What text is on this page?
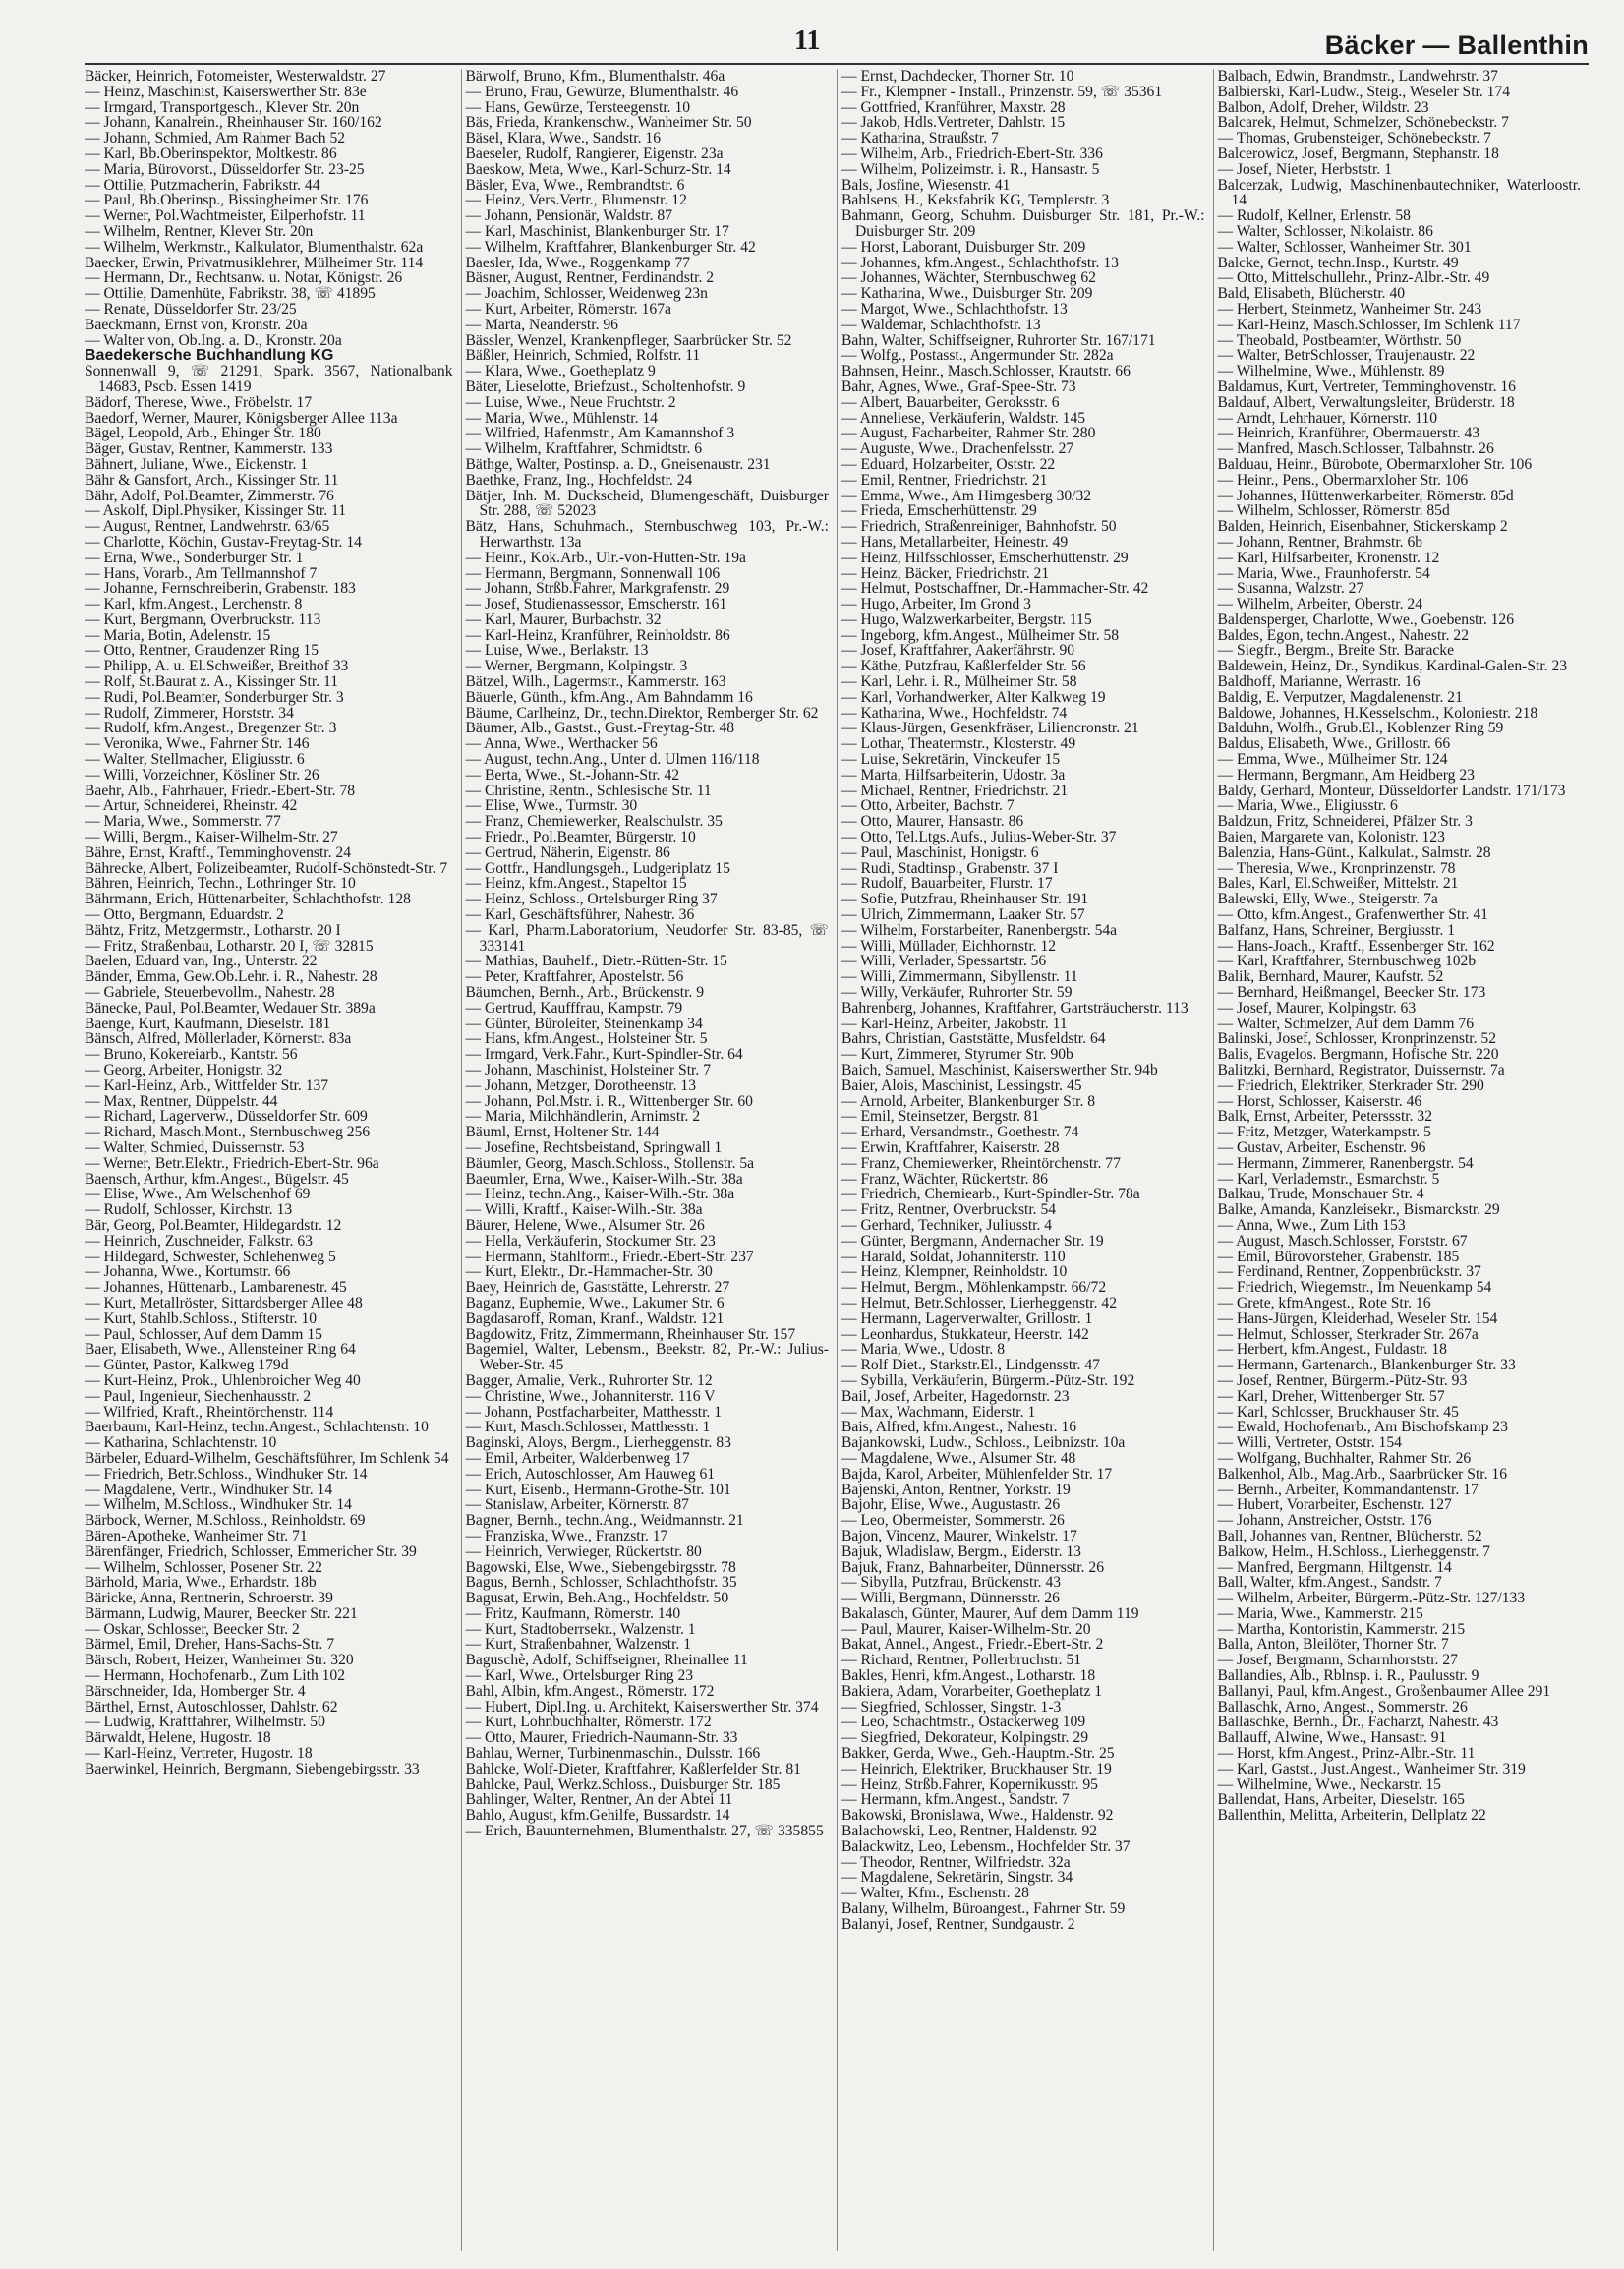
11	Bäcker — Ballenthin
Bäcker, Heinrich, Fotomeister, Westerwaldstr. 27
— Heinz, Maschinist, Kaiserswerther Str. 83e
— Irmgard, Transportgesch., Klever Str. 20n
— Johann, Kanalrein., Rheinhauser Str. 160/162
— Johann, Schmied, Am Rahmer Bach 52
— Karl, Bb.Oberinspektor, Moltkestr. 86
— Maria, Bürovorst., Düsseldorfer Str. 23-25
— Ottilie, Putzmacherin, Fabrikstr. 44
— Paul, Bb.Oberinsp., Bissingheimer Str. 176
— Werner, Pol.Wachtmeister, Eilperhofstr. 11
— Wilhelm, Rentner, Klever Str. 20n
— Wilhelm, Werkmstr., Kalkulator, Blumenthalstr. 62a
Baecker, Erwin, Privatmusiklehrer, Mülheimer Str. 114
— Hermann, Dr., Rechtsanw. u. Notar, Königstr. 26
— Ottilie, Damenhüte, Fabrikstr. 38, ☏ 41895
— Renate, Düsseldorfer Str. 23/25
Baeckmann, Ernst von, Kronstr. 20a
— Walter von, Ob.Ing. a. D., Kronstr. 20a
Baedekersche Buchhandlung KG
Sonnenwall 9, ☏ 21291, Spark. 3567, Nationalbank 14683, Pscb. Essen 1419
Bädorf, Therese, Wwe., Fröbelstr. 17
Baedorf, Werner, Maurer, Königsberger Allee 113a
Bägel, Leopold, Arb., Ehinger Str. 180
Bäger, Gustav, Rentner, Kammerstr. 133
Bähnert, Juliane, Wwe., Eickenstr. 1
Bähr & Gansfort, Arch., Kissinger Str. 11
Bähr, Adolf, Pol.Beamter, Zimmerstr. 76
— Askolf, Dipl.Physiker, Kissinger Str. 11
— August, Rentner, Landwehrstr. 63/65
— Charlotte, Köchin, Gustav-Freytag-Str. 14
— Erna, Wwe., Sonderburger Str. 1
— Hans, Vorarb., Am Tellmannshof 7
— Johanne, Fernschreiberin, Grabenstr. 183
— Karl, kfm.Angest., Lerchenstr. 8
— Kurt, Bergmann, Overbruckstr. 113
— Maria, Botin, Adelenstr. 15
— Otto, Rentner, Graudenzer Ring 15
— Philipp, A. u. El.Schweißer, Breithof 33
— Rolf, St.Baurat z. A., Kissinger Str. 11
— Rudi, Pol.Beamter, Sonderburger Str. 3
— Rudolf, Zimmerer, Horststr. 34
— Rudolf, kfm.Angest., Bregenzer Str. 3
— Veronika, Wwe., Fahrner Str. 146
— Walter, Stellmacher, Eligiusstr. 6
— Willi, Vorzeichner, Kösliner Str. 26
Baehr, Alb., Fahrhauer, Friedr.-Ebert-Str. 78
— Artur, Schneiderei, Rheinstr. 42
— Maria, Wwe., Sommerstr. 77
— Willi, Bergm., Kaiser-Wilhelm-Str. 27
Bähre, Ernst, Kraftf., Temminghovenstr. 24
Bährecke, Albert, Polizeibeamter, Rudolf-Schönstedt-Str. 7
Bähren, Heinrich, Techn., Lothringer Str. 10
Bährmann, Erich, Hüttenarbeiter, Schlachthofstr. 128
— Otto, Bergmann, Eduardstr. 2
Bähtz, Fritz, Metzgermstr., Lotharstr. 20 I
— Fritz, Straßenbau, Lotharstr. 20 I, ☏ 32815
Baelen, Eduard van, Ing., Unterstr. 22
Bänder, Emma, Gew.Ob.Lehr. i. R., Nahestr. 28
— Gabriele, Steuerbevollm., Nahestr. 28
Bänecke, Paul, Pol.Beamter, Wedauer Str. 389a
Baenge, Kurt, Kaufmann, Dieselstr. 181
Bänsch, Alfred, Möllerlader, Körnerstr. 83a
— Bruno, Kokereiarb., Kantstr. 56
— Georg, Arbeiter, Honigstr. 32
— Karl-Heinz, Arb., Wittfelder Str. 137
— Max, Rentner, Düppelstr. 44
— Richard, Lagerverw., Düsseldorfer Str. 609
— Richard, Masch.Mont., Sternbuschweg 256
— Walter, Schmied, Duissernstr. 53
— Werner, Betr.Elektr., Friedrich-Ebert-Str. 96a
Baensch, Arthur, kfm.Angest., Bügelstr. 45
— Elise, Wwe., Am Welschenhof 69
— Rudolf, Schlosser, Kirchstr. 13
Bär, Georg, Pol.Beamter, Hildegardstr. 12
— Heinrich, Zuschneider, Falkstr. 63
— Hildegard, Schwester, Schlehenweg 5
— Johanna, Wwe., Kortumstr. 66
— Johannes, Hüttenarb., Lambarenestr. 45
— Kurt, Metallröster, Sittardsberger Allee 48
— Kurt, Stahlb.Schloss., Stifterstr. 10
— Paul, Schlosser, Auf dem Damm 15
Baer, Elisabeth, Wwe., Allensteiner Ring 64
— Günter, Pastor, Kalkweg 179d
— Kurt-Heinz, Prok., Uhlenbroicher Weg 40
— Paul, Ingenieur, Siechenhausstr. 2
— Wilfried, Kraft., Rheintörchenstr. 114
Baerbaum, Karl-Heinz, techn.Angest., Schlachtenstr. 10
— Katharina, Schlachtenstr. 10
Bärbeler, Eduard-Wilhelm, Geschäftsführer, Im Schlenk 54
— Friedrich, Betr.Schloss., Windhuker Str. 14
— Magdalene, Vertr., Windhuker Str. 14
— Wilhelm, M.Schloss., Windhuker Str. 14
Bärbock, Werner, M.Schloss., Reinholdstr. 69
Bären-Apotheke, Wanheimer Str. 71
Bärenfänger, Friedrich, Schlosser, Emmericher Str. 39
— Wilhelm, Schlosser, Posener Str. 22
Bärhold, Maria, Wwe., Erhardstr. 18b
Bäricke, Anna, Rentnerin, Schroerstr. 39
Bärmann, Ludwig, Maurer, Beecker Str. 221
— Oskar, Schlosser, Beecker Str. 2
Bärmel, Emil, Dreher, Hans-Sachs-Str. 7
Bärsch, Robert, Heizer, Wanheimer Str. 320
— Hermann, Hochofenarb., Zum Lith 102
Bärschneider, Ida, Homberger Str. 4
Bärthel, Ernst, Autoschlosser, Dahlstr. 62
— Ludwig, Kraftfahrer, Wilhelmstr. 50
Bärwaldt, Helene, Hugostr. 18
— Karl-Heinz, Vertreter, Hugostr. 18
Baerwinkel, Heinrich, Bergmann, Siebengebirgsstr. 33
Bärwolf, Bruno, Kfm., Blumenthalstr. 46a
— Bruno, Frau, Gewürze, Blumenthalstr. 46
— Hans, Gewürze, Tersteegenstr. 10
Bäs, Frieda, Krankenschw., Wanheimer Str. 50
Bäsel, Klara, Wwe., Sandstr. 16
Baeseler, Rudolf, Rangierer, Eigenstr. 23a
Baeskow, Meta, Wwe., Karl-Schurz-Str. 14
Bäsler, Eva, Wwe., Rembrandtstr. 6
— Heinz, Vers.Vertr., Blumenstr. 12
— Johann, Pensionär, Waldstr. 87
— Karl, Maschinist, Blankenburger Str. 17
— Wilhelm, Kraftfahrer, Blankenburger Str. 42
Baesler, Ida, Wwe., Roggenkamp 77
Bäsner, August, Rentner, Ferdinandstr. 2
— Joachim, Schlosser, Weidenweg 23n
— Kurt, Arbeiter, Römerstr. 167a
— Marta, Neanderstr. 96
Bässler, Wenzel, Krankenpfleger, Saarbrücker Str. 52
Bäßler, Heinrich, Schmied, Rolfstr. 11
— Klara, Wwe., Goetheplatz 9
Bäter, Lieselotte, Briefzust., Scholtenhofstr. 9
— Luise, Wwe., Neue Fruchtstr. 2
— Maria, Wwe., Mühlenstr. 14
— Wilfried, Hafenmstr., Am Kamannshof 3
— Wilhelm, Kraftfahrer, Schmidtstr. 6
Bäthge, Walter, Postinsp. a. D., Gneisenaustr. 231
Baethke, Franz, Ing., Hochfeldstr. 24
Bätjer, Inh. M. Duckscheid, Blumengeschäft, Duisburger Str. 288, ☏ 52023
Bätz, Hans, Schuhmach., Sternbuschweg 103, Pr.-W.: Herwarthstr. 13a
— Heinr., Kok.Arb., Ulr.-von-Hutten-Str. 19a
— Hermann, Bergmann, Sonnenwall 106
— Johann, Strßb.Fahrer, Markgrafenstr. 29
— Josef, Studienassessor, Emscherstr. 161
— Karl, Maurer, Burbachstr. 32
— Karl-Heinz, Kranführer, Reinholdstr. 86
— Luise, Wwe., Berlakstr. 13
— Werner, Bergmann, Kolpingstr. 3
Bätzel, Wilh., Lagermstr., Kammerstr. 163
Bäuerle, Günth., kfm.Ang., Am Bahndamm 16
Bäume, Carlheinz, Dr., techn.Direktor, Remberger Str. 62
Bäumer, Alb., Gastst., Gust.-Freytag-Str. 48
— Anna, Wwe., Werthacker 56
— August, techn.Ang., Unter d. Ulmen 116/118
— Berta, Wwe., St.-Johann-Str. 42
— Christine, Rentn., Schlesische Str. 11
— Elise, Wwe., Turmstr. 30
— Franz, Chemiewerker, Realschulstr. 35
— Friedr., Pol.Beamter, Bürgerstr. 10
— Gertrud, Näherin, Eigenstr. 86
— Gottfr., Handlungsgeh., Ludgeriplatz 15
— Heinz, kfm.Angest., Stapeltor 15
— Heinz, Schloss., Ortelsburger Ring 37
— Karl, Geschäftsführer, Nahestr. 36
— Karl, Pharm.Laboratorium, Neudorfer Str. 83-85, ☏ 333141
— Mathias, Bauhelf., Dietr.-Rütten-Str. 15
— Peter, Kraftfahrer, Apostelstr. 56
Bäumchen, Bernh., Arb., Brückenstr. 9
— Gertrud, Kaufffrau, Kampstr. 79
— Günter, Büroleiter, Steinenkamp 34
— Hans, kfm.Angest., Holsteiner Str. 5
— Irmgard, Verk.Fahr., Kurt-Spindler-Str. 64
— Johann, Maschinist, Holsteiner Str. 7
— Johann, Metzger, Dorotheenstr. 13
— Johann, Pol.Mstr. i. R., Wittenberger Str. 60
— Maria, Milchhändlerin, Arnimstr. 2
Bäuml, Ernst, Holtener Str. 144
— Josefine, Rechtsbeistand, Springwall 1
Bäumler, Georg, Masch.Schloss., Stollenstr. 5a
Baeumler, Erna, Wwe., Kaiser-Wilh.-Str. 38a
— Heinz, techn.Ang., Kaiser-Wilh.-Str. 38a
— Willi, Kraftf., Kaiser-Wilh.-Str. 38a
Bäurer, Helene, Wwe., Alsumer Str. 26
— Hella, Verkäuferin, Stockumer Str. 23
— Hermann, Stahlform., Friedr.-Ebert-Str. 237
— Kurt, Elektr., Dr.-Hammacher-Str. 30
Baey, Heinrich de, Gaststätte, Lehrerstr. 27
Baganz, Euphemie, Wwe., Lakumer Str. 6
Bagdasaroff, Roman, Kranf., Waldstr. 121
Bagdowitz, Fritz, Zimmermann, Rheinhauser Str. 157
Bagemiel, Walter, Lebensm., Beekstr. 82, Pr.-W.: Julius-Weber-Str. 45
Bagger, Amalie, Verk., Ruhrorter Str. 12
— Christine, Wwe., Johanniterstr. 116 V
— Johann, Postfacharbeiter, Matthesstr. 1
— Kurt, Masch.Schlosser, Matthesstr. 1
Baginski, Aloys, Bergm., Lierheggenstr. 83
— Emil, Arbeiter, Walderbenweg 17
— Erich, Autoschlosser, Am Hauweg 61
— Kurt, Eisenb., Hermann-Grothe-Str. 101
— Stanislaw, Arbeiter, Körnerstr. 87
Bagner, Bernh., techn.Ang., Weidmannstr. 21
— Franziska, Wwe., Franzstr. 17
— Heinrich, Verwieger, Rückertstr. 80
Bagowski, Else, Wwe., Siebengebirgsstr. 78
Bagus, Bernh., Schlosser, Schlachthofstr. 35
Bagusat, Erwin, Beh.Ang., Hochfeldstr. 50
— Fritz, Kaufmann, Römerstr. 140
— Kurt, Stadtoberrsekr., Walzenstr. 1
— Kurt, Straßenbahner, Walzenstr. 1
Baguschè, Adolf, Schiffseigner, Rheinallee 11
— Karl, Wwe., Ortelsburger Ring 23
Bahl, Albin, kfm.Angest., Römerstr. 172
— Hubert, Dipl.Ing. u. Architekt, Kaiserswerther Str. 374
— Kurt, Lohnbuchhalter, Römerstr. 172
— Otto, Maurer, Friedrich-Naumann-Str. 33
Bahlau, Werner, Turbinenmaschin., Dulsstr. 166
Bahlcke, Wolf-Dieter, Kraftfahrer, Kaßlerfelder Str. 81
Bahlcke, Paul, Werkz.Schloss., Duisburger Str. 185
Bahlinger, Walter, Rentner, An der Abtei 11
Bahlo, August, kfm.Gehilfe, Bussardstr. 14
— Erich, Bauunternehmen, Blumenthalstr. 27, ☏ 335855
— Ernst, Dachdecker, Thorner Str. 10
— Fr., Klempner - Install., Prinzenstr. 59, ☏ 35361
— Gottfried, Kranführer, Maxstr. 28
— Jakob, Hdls.Vertreter, Dahlstr. 15
— Katharina, Straußstr. 7
— Wilhelm, Arb., Friedrich-Ebert-Str. 336
— Wilhelm, Polizeimstr. i. R., Hansastr. 5
Bals, Josfine, Wiesenstr. 41
Bahlsens, H., Keksfabrik KG, Templerstr. 3
Bahmann, Georg, Schuhm. Duisburger Str. 181, Pr.-W.: Duisburger Str. 209
— Horst, Laborant, Duisburger Str. 209
— Johannes, kfm.Angest., Schlachthofstr. 13
— Johannes, Wächter, Sternbuschweg 62
— Katharina, Wwe., Duisburger Str. 209
— Margot, Wwe., Schlachthofstr. 13
— Waldemar, Schlachthofstr. 13
Bahn, Walter, Schiffseigner, Ruhrorter Str. 167/171
— Wolfg., Postasst., Angermunder Str. 282a
Bahnsen, Heinr., Masch.Schlosser, Krautstr. 66
Bahr, Agnes, Wwe., Graf-Spee-Str. 73
— Albert, Bauarbeiter, Geroksstr. 6
— Anneliese, Verkäuferin, Waldstr. 145
— August, Facharbeiter, Rahmer Str. 280
— Auguste, Wwe., Drachenfelsstr. 27
— Eduard, Holzarbeiter, Oststr. 22
— Emil, Rentner, Friedrichstr. 21
— Emma, Wwe., Am Himgesberg 30/32
— Frieda, Emscherhüttenstr. 29
— Friedrich, Straßenreiniger, Bahnhofstr. 50
— Hans, Metallarbeiter, Heinestr. 49
— Heinz, Hilfsschlosser, Emscherhüttenstr. 29
— Heinz, Bäcker, Friedrichstr. 21
— Helmut, Postschaffner, Dr.-Hammacher-Str. 42
— Hugo, Arbeiter, Im Grond 3
— Hugo, Walzwerkarbeiter, Bergstr. 115
— Ingeborg, kfm.Angest., Mülheimer Str. 58
— Josef, Kraftfahrer, Aakerfährstr. 90
— Käthe, Putzfrau, Kaßlerfelder Str. 56
— Karl, Lehr. i. R., Mülheimer Str. 58
— Karl, Vorhandwerker, Alter Kalkweg 19
— Katharina, Wwe., Hochfeldstr. 74
— Klaus-Jürgen, Gesenkfräser, Liliencronstr. 21
— Lothar, Theatermstr., Klosterstr. 49
— Luise, Sekretärin, Vinckeufer 15
— Marta, Hilfsarbeiterin, Udostr. 3a
— Michael, Rentner, Friedrichstr. 21
— Otto, Arbeiter, Bachstr. 7
— Otto, Maurer, Hansastr. 86
— Otto, Tel.Ltgs.Aufs., Julius-Weber-Str. 37
— Paul, Maschinist, Honigstr. 6
— Rudi, Stadtinsp., Grabenstr. 37 I
— Rudolf, Bauarbeiter, Flurstr. 17
— Sofie, Putzfrau, Rheinhauser Str. 191
— Ulrich, Zimmermann, Laaker Str. 57
— Wilhelm, Forstarbeiter, Ranenbergstr. 54a
— Willi, Müllader, Eichhornstr. 12
— Willi, Verlader, Spessartstr. 56
— Willi, Zimmermann, Sibyllenstr. 11
— Willy, Verkäufer, Ruhrorter Str. 59
Bahrenberg, Johannes, Kraftfahrer, Gartsträucherstr. 113
— Karl-Heinz, Arbeiter, Jakobstr. 11
Bahrs, Christian, Gaststätte, Musfeldstr. 64
— Kurt, Zimmerer, Styrumer Str. 90b
Baich, Samuel, Maschinist, Kaiserswerther Str. 94b
Baier, Alois, Maschinist, Lessingstr. 45
— Arnold, Arbeiter, Blankenburger Str. 8
— Emil, Steinsetzer, Bergstr. 81
— Erhard, Versandmstr., Goethestr. 74
— Erwin, Kraftfahrer, Kaiserstr. 28
— Franz, Chemiewerker, Rheintörchenstr. 77
— Franz, Wächter, Rückertstr. 86
— Friedrich, Chemiearb., Kurt-Spindler-Str. 78a
— Fritz, Rentner, Overbruckstr. 54
— Gerhard, Techniker, Juliusstr. 4
— Günter, Bergmann, Andernacher Str. 19
— Harald, Soldat, Johanniterstr. 110
— Heinz, Klempner, Reinholdstr. 10
— Helmut, Bergm., Möhlenkampstr. 66/72
— Helmut, Betr.Schlosser, Lierheggenstr. 42
— Hermann, Lagerverwalter, Grillostr. 1
— Leonhardus, Stukkateur, Heerstr. 142
— Maria, Wwe., Udostr. 8
— Rolf Diet., Starkstr.El., Lindgensstr. 47
— Sybilla, Verkäuferin, Bürgerm.-Pütz-Str. 192
Bail, Josef, Arbeiter, Hagedornstr. 23
— Max, Wachmann, Eiderstr. 1
Bais, Alfred, kfm.Angest., Nahestr. 16
Bajankowski, Ludw., Schloss., Leibnizstr. 10a
— Magdalene, Wwe., Alsumer Str. 48
Bajda, Karol, Arbeiter, Mühlenfelder Str. 17
Bajenski, Anton, Rentner, Yorkstr. 19
Bajohr, Elise, Wwe., Augustastr. 26
— Leo, Obermeister, Sommerstr. 26
Bajon, Vincenz, Maurer, Winkelstr. 17
Bajuk, Wladislaw, Bergm., Eiderstr. 13
Bajuk, Franz, Bahnarbeiter, Dünnersstr. 26
— Sibylla, Putzfrau, Brückenstr. 43
— Willi, Bergmann, Dünnersstr. 26
Bakalasch, Günter, Maurer, Auf dem Damm 119
— Paul, Maurer, Kaiser-Wilhelm-Str. 20
Bakat, Annel., Angest., Friedr.-Ebert-Str. 2
— Richard, Rentner, Pollerbruchstr. 51
Bakles, Henri, kfm.Angest., Lotharstr. 18
Bakiera, Adam, Vorarbeiter, Goetheplatz 1
— Siegfried, Schlosser, Singstr. 1-3
— Leo, Schachtmstr., Ostackerweg 109
— Siegfried, Dekorateur, Kolpingstr. 29
Bakker, Gerda, Wwe., Geh.-Hauptm.-Str. 25
— Heinrich, Elektriker, Bruckhauser Str. 19
— Heinz, Strßb.Fahrer, Kopernikusstr. 95
— Hermann, kfm.Angest., Sandstr. 7
Bakowski, Bronislawa, Wwe., Haldenstr. 92
Balachowski, Leo, Rentner, Haldenstr. 92
Balackwitz, Leo, Lebensm., Hochfelder Str. 37
— Theodor, Rentner, Wilfriedstr. 32a
— Magdalene, Sekretärin, Singstr. 34
— Walter, Kfm., Eschenstr. 28
Balany, Wilhelm, Büroangest., Fahrner Str. 59
Balanyi, Josef, Rentner, Sundgaustr. 2
Balbach, Edwin, Brandmstr., Landwehrstr. 37
Balbierski, Karl-Ludw., Steig., Weseler Str. 174
Balbon, Adolf, Dreher, Wildstr. 23
Balcarek, Helmut, Schmelzer, Schönebeckstr. 7
— Thomas, Grubensteiger, Schönebeckstr. 7
Balcerowicz, Josef, Bergmann, Stephanstr. 18
— Josef, Nieter, Herbststr. 1
Balcerzak, Ludwig, Maschinenbautechniker, Waterloostr. 14
— Rudolf, Kellner, Erlenstr. 58
— Walter, Schlosser, Nikolaistr. 86
— Walter, Schlosser, Wanheimer Str. 301
Balcke, Gernot, techn.Insp., Kurtstr. 49
— Otto, Mittelschullehr., Prinz-Albr.-Str. 49
Bald, Elisabeth, Blücherstr. 40
— Herbert, Steinmetz, Wanheimer Str. 243
— Karl-Heinz, Masch.Schlosser, Im Schlenk 117
— Theobald, Postbeamter, Wörthstr. 50
— Walter, BetrSchlosser, Traujenaustr. 22
— Wilhelmine, Wwe., Mühlenstr. 89
Baldamus, Kurt, Vertreter, Temminghovenstr. 16
Baldauf, Albert, Verwaltungsleiter, Brüderstr. 18
— Arndt, Lehrhauer, Körnerstr. 110
— Heinrich, Kranführer, Obermauerstr. 43
— Manfred, Masch.Schlosser, Talbahnstr. 26
Balduau, Heinr., Bürobote, Obermarxloher Str. 106
— Heinr., Pens., Obermarxloher Str. 106
— Johannes, Hüttenwerkarbeiter, Römerstr. 85d
— Wilhelm, Schlosser, Römerstr. 85d
Balden, Heinrich, Eisenbahner, Stickerskamp 2
— Johann, Rentner, Brahmstr. 6b
— Karl, Hilfsarbeiter, Kronenstr. 12
— Maria, Wwe., Fraunhoferstr. 54
— Susanna, Walzstr. 27
— Wilhelm, Arbeiter, Oberstr. 24
Baldensperger, Charlotte, Wwe., Goebenstr. 126
Baldes, Egon, techn.Angest., Nahestr. 22
— Siegfr., Bergm., Breite Str. Baracke
Baldewein, Heinz, Dr., Syndikus, Kardinal-Galen-Str. 23
Baldhoff, Marianne, Werrastr. 16
Baldig, E. Verputzer, Magdalenenstr. 21
Baldowe, Johannes, H.Kesselschm., Koloniestr. 218
Balduhn, Wolfh., Grub.El., Koblenzer Ring 59
Baldus, Elisabeth, Wwe., Grillostr. 66
— Emma, Wwe., Mülheimer Str. 124
— Hermann, Bergmann, Am Heidberg 23
Baldy, Gerhard, Monteur, Düsseldorfer Landstr. 171/173
— Maria, Wwe., Eligiusstr. 6
Baldzun, Fritz, Schneiderei, Pfälzer Str. 3
Baien, Margarete van, Kolonistr. 123
Balenzia, Hans-Günt., Kalkulat., Salmstr. 28
— Theresia, Wwe., Kronprinzenstr. 78
Bales, Karl, El.Schweißer, Mittelstr. 21
Balewski, Elly, Wwe., Steigerstr. 7a
— Otto, kfm.Angest., Grafenwerther Str. 41
Balfanz, Hans, Schreiner, Bergiusstr. 1
— Hans-Joach., Kraftf., Essenberger Str. 162
— Karl, Kraftfahrer, Sternbuschweg 102b
Balik, Bernhard, Maurer, Kaufstr. 52
— Bernhard, Heißmangel, Beecker Str. 173
— Josef, Maurer, Kolpingstr. 63
— Walter, Schmelzer, Auf dem Damm 76
Balinski, Josef, Schlosser, Kronprinzenstr. 52
Balis, Evagelos. Bergmann, Hofische Str. 220
Balitzki, Bernhard, Registrator, Duissernstr. 7a
— Friedrich, Elektriker, Sterkrader Str. 290
— Horst, Schlosser, Kaiserstr. 46
Balk, Ernst, Arbeiter, Peterssstr. 32
— Fritz, Metzger, Waterkampstr. 5
— Gustav, Arbeiter, Eschenstr. 96
— Hermann, Zimmerer, Ranenbergstr. 54
— Karl, Verlademstr., Esmarchstr. 5
Balkau, Trude, Monschauer Str. 4
Balke, Amanda, Kanzleisekr., Bismarckstr. 29
— Anna, Wwe., Zum Lith 153
— August, Masch.Schlosser, Forststr. 67
— Emil, Bürovorsteher, Grabenstr. 185
— Ferdinand, Rentner, Zoppenbrückstr. 37
— Friedrich, Wiegemstr., Im Neuenkamp 54
— Grete, kfmAngest., Rote Str. 16
— Hans-Jürgen, Kleiderhad, Weseler Str. 154
— Helmut, Schlosser, Sterkrader Str. 267a
— Herbert, kfm.Angest., Fuldastr. 18
— Hermann, Gartenarch., Blankenburger Str. 33
— Josef, Rentner, Bürgerm.-Pütz-Str. 93
— Karl, Dreher, Wittenberger Str. 57
— Karl, Schlosser, Bruckhauser Str. 45
— Ewald, Hochofenarb., Am Bischofskamp 23
— Willi, Vertreter, Oststr. 154
— Wolfgang, Buchhalter, Rahmer Str. 26
Balkenhol, Alb., Mag.Arb., Saarbrücker Str. 16
— Bernh., Arbeiter, Kommandantenstr. 17
— Hubert, Vorarbeiter, Eschenstr. 127
— Johann, Anstreicher, Oststr. 176
Ball, Johannes van, Rentner, Blücherstr. 52
Balkow, Helm., H.Schloss., Lierheggenstr. 7
— Manfred, Bergmann, Hiltgenstr. 14
Ball, Walter, kfm.Angest., Sandstr. 7
— Wilhelm, Arbeiter, Bürgerm.-Pütz-Str. 127/133
— Maria, Wwe., Kammerstr. 215
— Martha, Kontoristin, Kammerstr. 215
Balla, Anton, Bleilöter, Thorner Str. 7
— Josef, Bergmann, Scharnhorststr. 27
Ballandies, Alb., Rblnsp. i. R., Paulusstr. 9
Ballanyi, Paul, kfm.Angest., Großenbaumer Allee 291
Ballaschk, Arno, Angest., Sommerstr. 26
Ballaschke, Bernh., Dr., Facharzt, Nahestr. 43
Ballauff, Alwine, Wwe., Hansastr. 91
— Horst, kfm.Angest., Prinz-Albr.-Str. 11
— Karl, Gastst., Just.Angest., Wanheimer Str. 319
— Wilhelmine, Wwe., Neckarstr. 15
Ballendat, Hans, Arbeiter, Dieselstr. 165
Ballenthin, Melitta, Arbeiterin, Dellplatz 22
